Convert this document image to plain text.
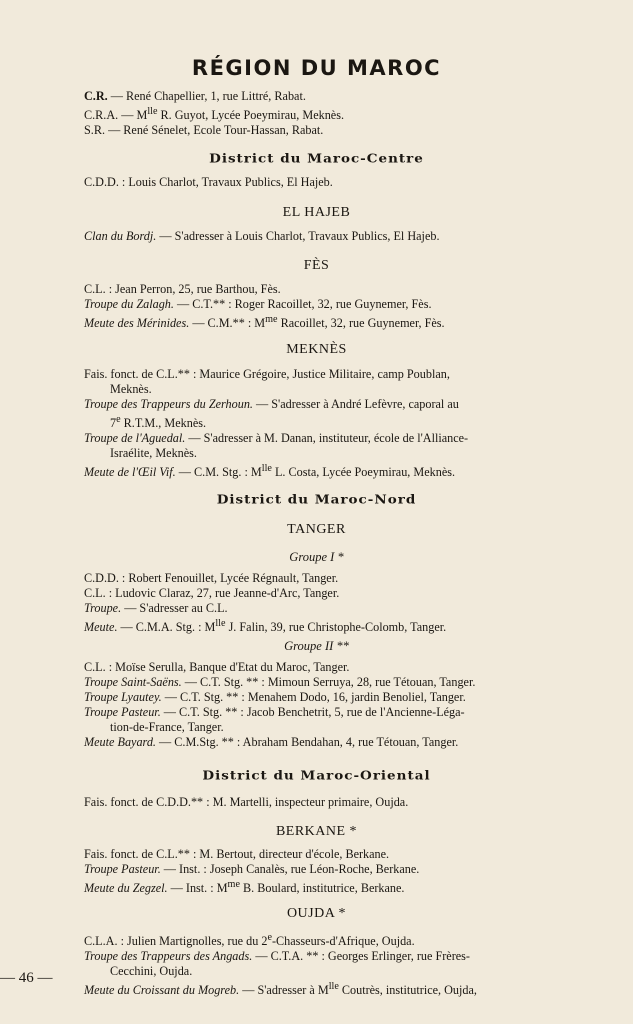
RÉGION DU MAROC
C.R. — René Chapellier, 1, rue Littré, Rabat.
C.R.A. — $M^{lle}$ R. Guyot, Lycée Poeymirau, Meknès.
S.R. — René Sénelet, Ecole Tour-Hassan, Rabat.
District du Maroc-Centre
C.D.D. : Louis Charlot, Travaux Publics, El Hajeb.
EL HAJEB
Clan du Bordj. — S'adresser à Louis Charlot, Travaux Publics, El Hajeb.
FÈS
C.L. : Jean Perron, 25, rue Barthou, Fès.
Troupe du Zalagh. — C.T.** : Roger Racoillet, 32, rue Guynemer, Fès.
Meute des Mérinides. — C.M.** : $M^{me}$ Racoillet, 32, rue Guynemer, Fès.
MEKNÈS
Fais. fonct. de C.L.** : Maurice Grégoire, Justice Militaire, camp Poublan,
Meknès.
Troupe des Trappeurs du Zerhoun. — S'adresser à André Lefèvre, caporal au
7e R.T.M., Meknès.
Troupe de l'Aguedal. — S'adresser à M. Danan, instituteur, école de l'Alliance-
Israélite, Meknès.
Meute de l'Œil Vif. — C.M. Stg. : $M^{lle}$ L. Costa, Lycée Poeymirau, Meknès.
District du Maroc-Nord
TANGER
Groupe I *
C.D.D. : Robert Fenouillet, Lycée Régnault, Tanger.
C.L. : Ludovic Claraz, 27, rue Jeanne-d'Arc, Tanger.
Troupe. — S'adresser au C.L.
Meute. — C.M.A. Stg. : $M^{lle}$ J. Falin, 39, rue Christophe-Colomb, Tanger.
Groupe II **
C.L. : Moïse Serulla, Banque d'Etat du Maroc, Tanger.
Troupe Saint-Saëns. — C.T. Stg. ** : Mimoun Serruya, 28, rue Tétouan, Tanger.
Troupe Lyautey. — C.T. Stg. ** : Menahem Dodo, 16, jardin Benoliel, Tanger.
Troupe Pasteur. — C.T. Stg. ** : Jacob Benchetrit, 5, rue de l'Ancienne-Léga-
tion-de-France, Tanger.
Meute Bayard. — C.M.Stg. ** : Abraham Bendahan, 4, rue Tétouan, Tanger.
District du Maroc-Oriental
Fais. fonct. de C.D.D.** : M. Martelli, inspecteur primaire, Oujda.
BERKANE *
Fais. fonct. de C.L.** : M. Bertout, directeur d'école, Berkane.
Troupe Pasteur. — Inst. : Joseph Canalès, rue Léon-Roche, Berkane.
Meute du Zegzel. — Inst. : $M^{me}$ B. Boulard, institutrice, Berkane.
OUJDA *
C.L.A. : Julien Martignolles, rue du 2e-Chasseurs-d'Afrique, Oujda.
Troupe des Trappeurs des Angads. — C.T.A. ** : Georges Erlinger, rue Frères-
Cecchini, Oujda.
Meute du Croissant du Mogreb. — S'adresser à $M^{lle}$ Coutrès, institutrice, Oujda,
— 46 —
